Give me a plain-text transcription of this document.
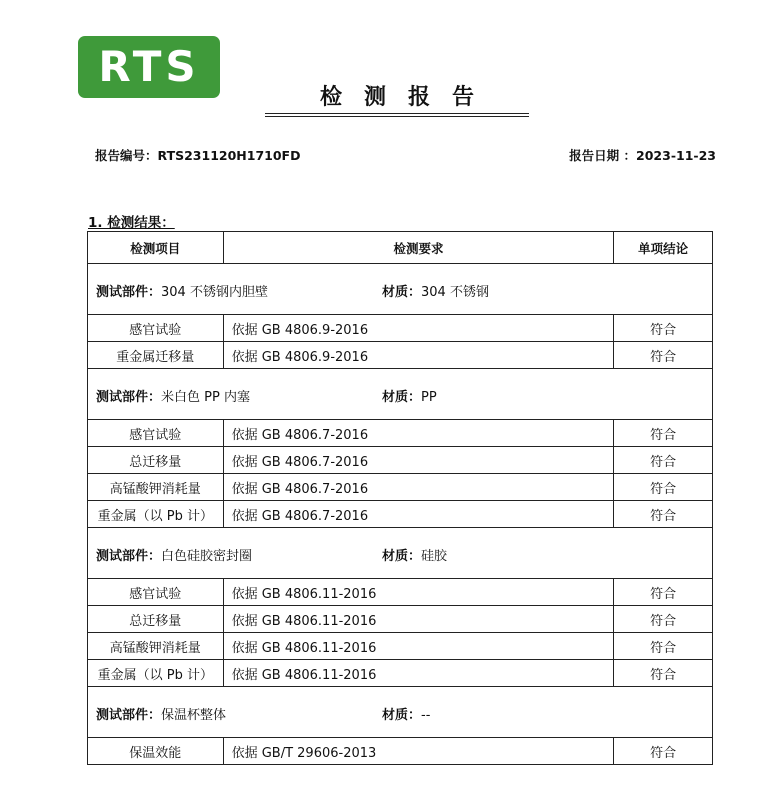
RTS
检测报告
报告编号：RTS231120H1710FD	报告日期 ：2023-11-23
1. 检测结果：
检测项目	检测要求	单项结论

测试部件：304 不锈钢内胆壁 材质：304 不锈钢		

感官试验	依据 GB 4806.9-2016	符合
重金属迁移量	依据 GB 4806.9-2016	符合

测试部件：米白色 PP 内塞 材质：PP		

感官试验	依据 GB 4806.7-2016	符合
总迁移量	依据 GB 4806.7-2016	符合
高锰酸钾消耗量	依据 GB 4806.7-2016	符合
重金属（以 Pb 计）	依据 GB 4806.7-2016	符合

测试部件：白色硅胶密封圈 材质：硅胶		

感官试验	依据 GB 4806.11-2016	符合
总迁移量	依据 GB 4806.11-2016	符合
高锰酸钾消耗量	依据 GB 4806.11-2016	符合
重金属（以 Pb 计）	依据 GB 4806.11-2016	符合

测试部件：保温杯整体 材质：--		

保温效能	依据 GB/T 29606-2013	符合
